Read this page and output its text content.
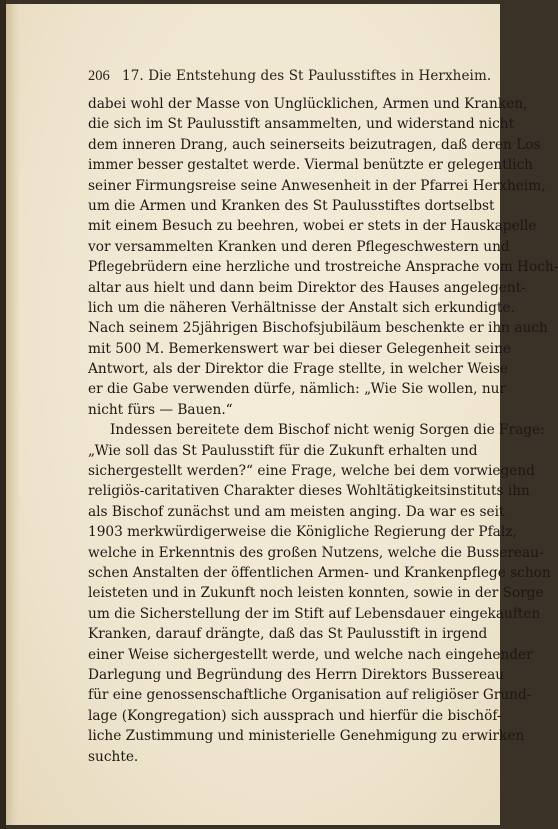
206 17. Die Entstehung des St Paulusstiftes in Herxheim.
dabei wohl der Masse von Unglücklichen, Armen und Kranken,
die sich im St Paulusstift ansammelten, und widerstand nicht
dem inneren Drang, auch seinerseits beizutragen, daß deren Los
immer besser gestaltet werde. Viermal benützte er gelegentlich
seiner Firmungsreise seine Anwesenheit in der Pfarrei Herxheim,
um die Armen und Kranken des St Paulusstiftes dortselbst
mit einem Besuch zu beehren, wobei er stets in der Hauskapelle
vor versammelten Kranken und deren Pflegeschwestern und
Pflegebrüdern eine herzliche und trostreiche Ansprache vom Hoch-
altar aus hielt und dann beim Direktor des Hauses angelegent-
lich um die näheren Verhältnisse der Anstalt sich erkundigte.
Nach seinem 25jährigen Bischofsjubiläum beschenkte er ihn auch
mit 500 M. Bemerkenswert war bei dieser Gelegenheit seine
Antwort, als der Direktor die Frage stellte, in welcher Weise
er die Gabe verwenden dürfe, nämlich: „Wie Sie wollen, nur
nicht fürs — Bauen.“
Indessen bereitete dem Bischof nicht wenig Sorgen die Frage:
„Wie soll das St Paulusstift für die Zukunft erhalten und
sichergestellt werden?“ eine Frage, welche bei dem vorwiegend
religiös-caritativen Charakter dieses Wohltätigkeitsinstituts ihn
als Bischof zunächst und am meisten anging. Da war es seit
1903 merkwürdigerweise die Königliche Regierung der Pfalz,
welche in Erkenntnis des großen Nutzens, welche die Bussereau-
schen Anstalten der öffentlichen Armen- und Krankenpflege schon
leisteten und in Zukunft noch leisten konnten, sowie in der Sorge
um die Sicherstellung der im Stift auf Lebensdauer eingekauften
Kranken, darauf drängte, daß das St Paulusstift in irgend
einer Weise sichergestellt werde, und welche nach eingehender
Darlegung und Begründung des Herrn Direktors Bussereau
für eine genossenschaftliche Organisation auf religiöser Grund-
lage (Kongregation) sich aussprach und hierfür die bischöf-
liche Zustimmung und ministerielle Genehmigung zu erwirken
suchte.
